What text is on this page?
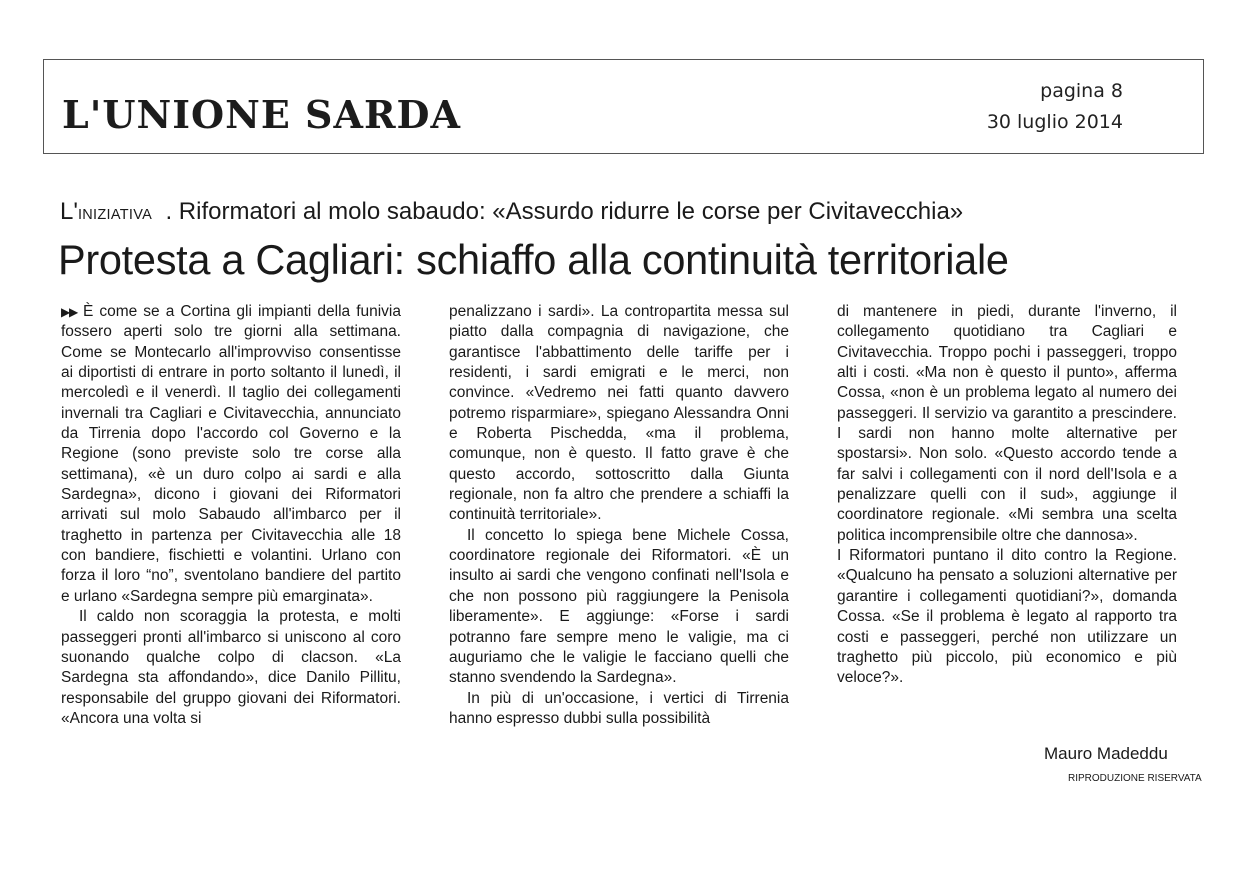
L'UNIONE SARDA
pagina 8
30 luglio 2014
L'INIZIATIVA . Riformatori al molo sabaudo: «Assurdo ridurre le corse per Civitavecchia»
Protesta a Cagliari: schiaffo alla continuità territoriale

▶▶ È come se a Cortina gli impianti della funivia fossero aperti solo tre giorni alla settimana. Come se Montecarlo all'improvviso consentisse ai diportisti di entrare in porto soltanto il lunedì, il mercoledì e il venerdì. Il taglio dei collegamenti invernali tra Cagliari e Civitavecchia, annunciato da Tirrenia dopo l'accordo col Governo e la Regione (sono previste solo tre corse alla settimana), «è un duro colpo ai sardi e alla Sardegna», dicono i giovani dei Riformatori arrivati sul molo Sabaudo all'imbarco per il traghetto in partenza per Civitavecchia alle 18 con bandiere, fischietti e volantini. Urlano con forza il loro “no”, sventolano bandiere del partito e urlano «Sardegna sempre più emarginata».

Il caldo non scoraggia la protesta, e molti passeggeri pronti all'imbarco si uniscono al coro suonando qualche colpo di clacson. «La Sardegna sta affondando», dice Danilo Pillitu, responsabile del gruppo giovani dei Riformatori. «Ancora una volta si

penalizzano i sardi». La contropartita messa sul piatto dalla compagnia di navigazione, che garantisce l'abbattimento delle tariffe per i residenti, i sardi emigrati e le merci, non convince. «Vedremo nei fatti quanto davvero potremo risparmiare», spiegano Alessandra Onni e Roberta Pischedda, «ma il problema, comunque, non è questo. Il fatto grave è che questo accordo, sottoscritto dalla Giunta regionale, non fa altro che prendere a schiaffi la continuità territoriale».

Il concetto lo spiega bene Michele Cossa, coordinatore regionale dei Riformatori. «È un insulto ai sardi che vengono confinati nell'Isola e che non possono più raggiungere la Penisola liberamente». E aggiunge: «Forse i sardi potranno fare sempre meno le valigie, ma ci auguriamo che le valigie le facciano quelli che stanno svendendo la Sardegna».

In più di un'occasione, i vertici di Tirrenia hanno espresso dubbi sulla possibilità

di mantenere in piedi, durante l'inverno, il collegamento quotidiano tra Cagliari e Civitavecchia. Troppo pochi i passeggeri, troppo alti i costi. «Ma non è questo il punto», afferma Cossa, «non è un problema legato al numero dei passeggeri. Il servizio va garantito a prescindere. I sardi non hanno molte alternative per spostarsi». Non solo. «Questo accordo tende a far salvi i collegamenti con il nord dell'Isola e a penalizzare quelli con il sud», aggiunge il coordinatore regionale. «Mi sembra una scelta politica incomprensibile oltre che dannosa».

I Riformatori puntano il dito contro la Regione. «Qualcuno ha pensato a soluzioni alternative per garantire i collegamenti quotidiani?», domanda Cossa. «Se il problema è legato al rapporto tra costi e passeggeri, perché non utilizzare un traghetto più piccolo, più economico e più veloce?».

Mauro Madeddu
RIPRODUZIONE RISERVATA
